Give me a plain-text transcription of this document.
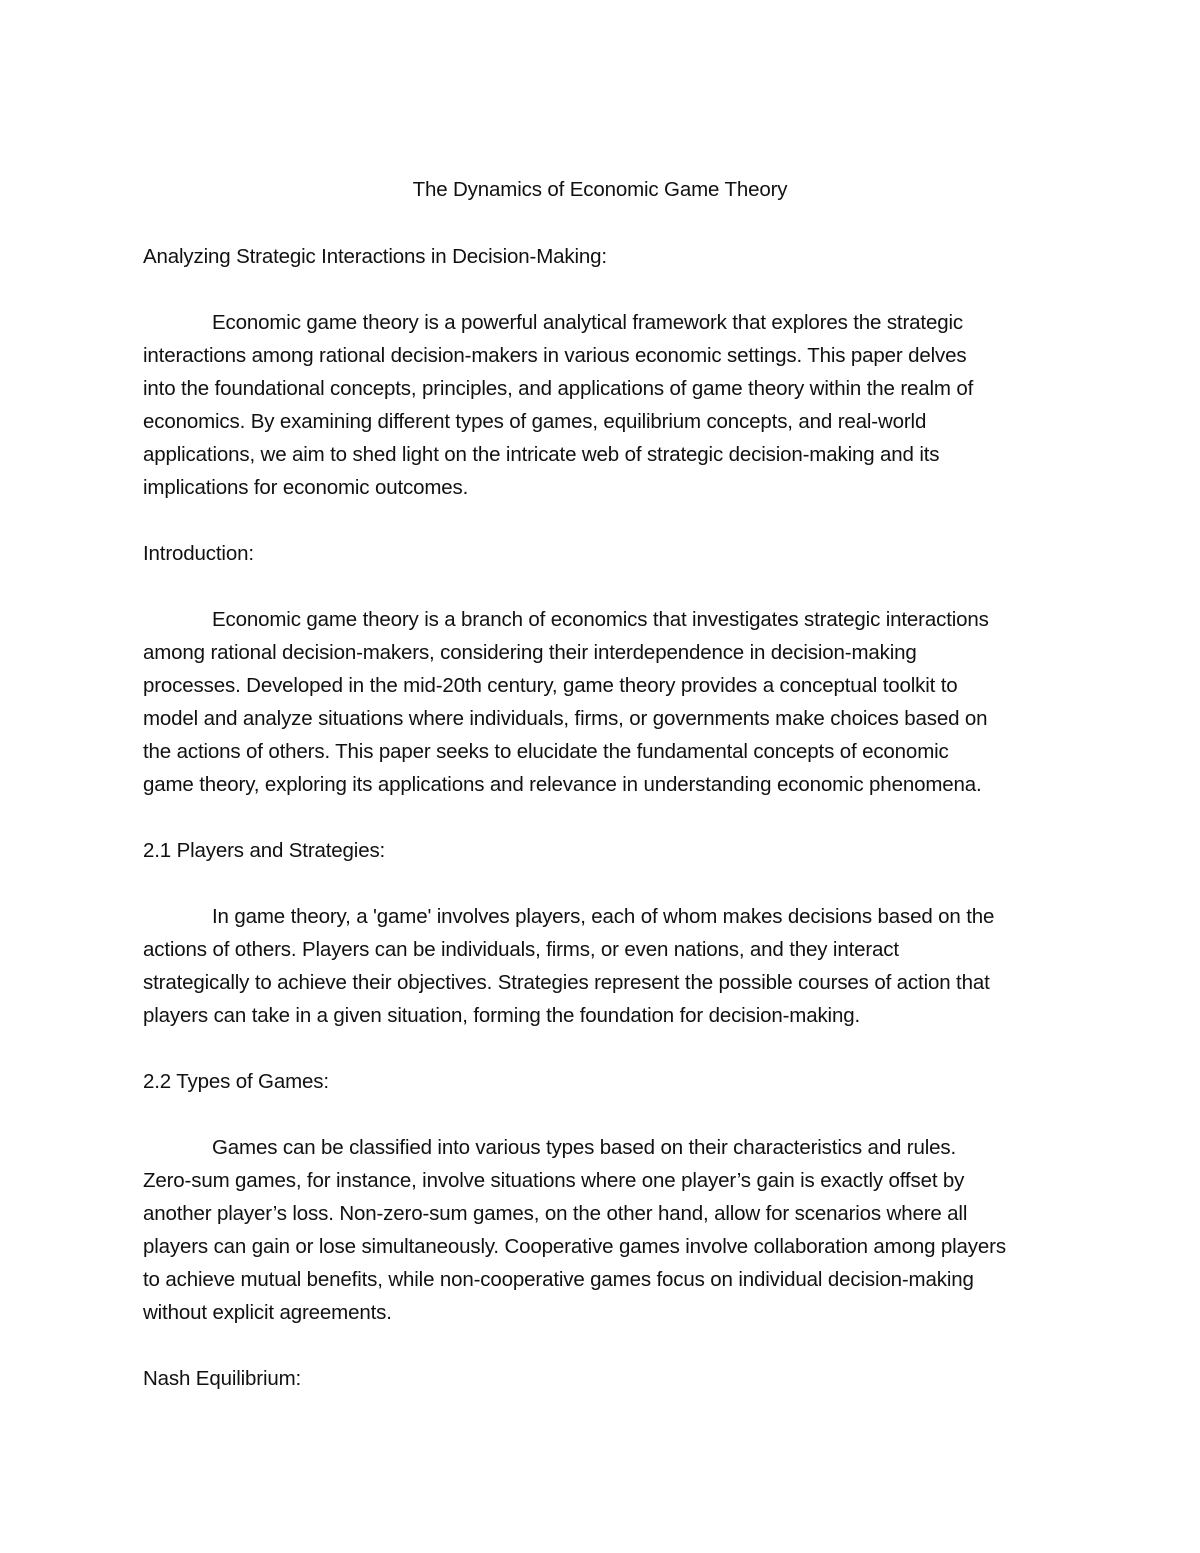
The Dynamics of Economic Game Theory
Analyzing Strategic Interactions in Decision-Making:
Economic game theory is a powerful analytical framework that explores the strategic
interactions among rational decision-makers in various economic settings. This paper delves
into the foundational concepts, principles, and applications of game theory within the realm of
economics. By examining different types of games, equilibrium concepts, and real-world
applications, we aim to shed light on the intricate web of strategic decision-making and its
implications for economic outcomes.
Introduction:
Economic game theory is a branch of economics that investigates strategic interactions
among rational decision-makers, considering their interdependence in decision-making
processes. Developed in the mid-20th century, game theory provides a conceptual toolkit to
model and analyze situations where individuals, firms, or governments make choices based on
the actions of others. This paper seeks to elucidate the fundamental concepts of economic
game theory, exploring its applications and relevance in understanding economic phenomena.
2.1 Players and Strategies:
In game theory, a 'game' involves players, each of whom makes decisions based on the
actions of others. Players can be individuals, firms, or even nations, and they interact
strategically to achieve their objectives. Strategies represent the possible courses of action that
players can take in a given situation, forming the foundation for decision-making.
2.2 Types of Games:
Games can be classified into various types based on their characteristics and rules.
Zero-sum games, for instance, involve situations where one player’s gain is exactly offset by
another player’s loss. Non-zero-sum games, on the other hand, allow for scenarios where all
players can gain or lose simultaneously. Cooperative games involve collaboration among players
to achieve mutual benefits, while non-cooperative games focus on individual decision-making
without explicit agreements.
Nash Equilibrium:
